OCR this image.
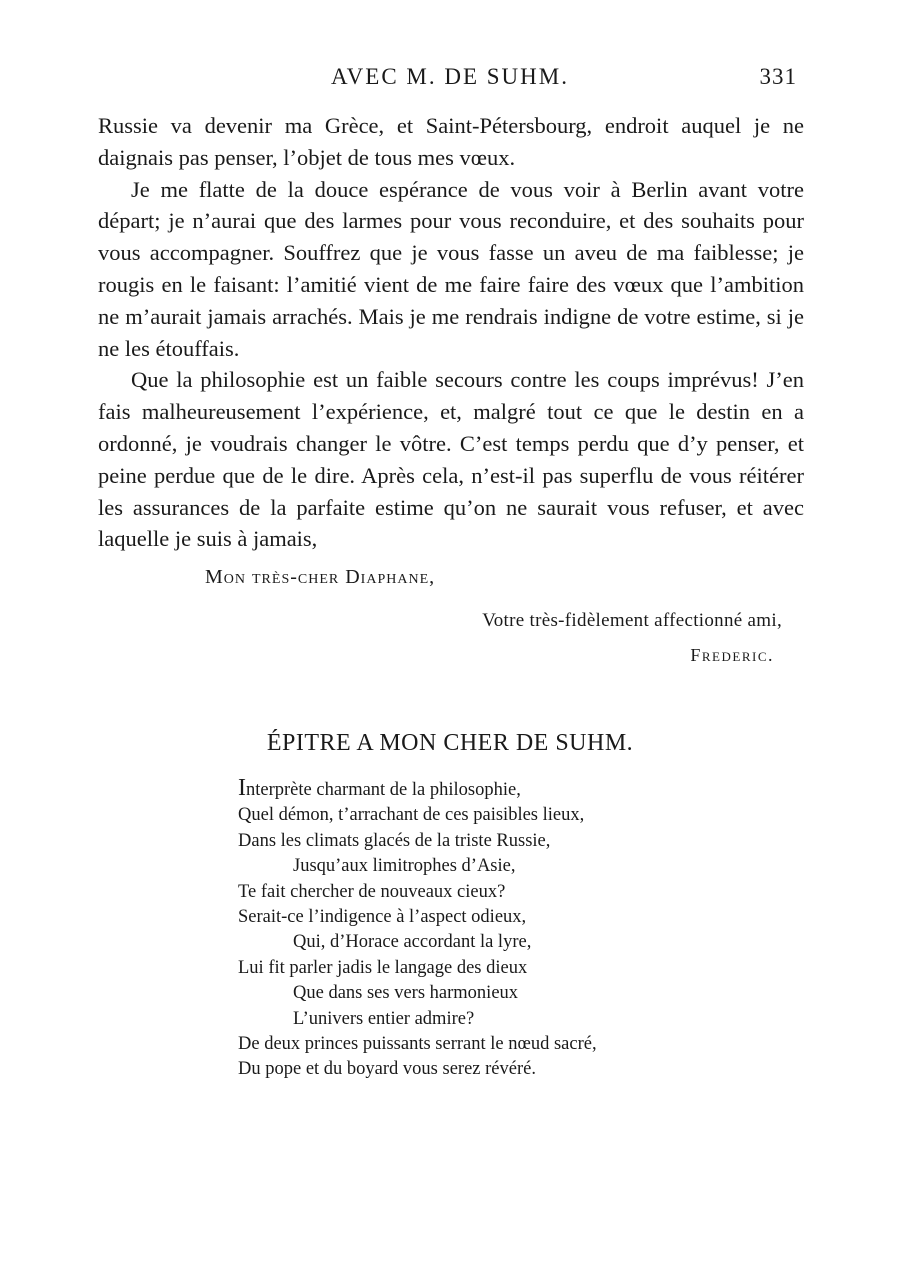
AVEC M. DE SUHM.	331

Russie va devenir ma Grèce, et Saint-Pétersbourg, endroit auquel je ne daignais pas penser, l’objet de tous mes vœux.

Je me flatte de la douce espérance de vous voir à Berlin avant votre départ; je n’aurai que des larmes pour vous reconduire, et des souhaits pour vous accompagner. Souffrez que je vous fasse un aveu de ma faiblesse; je rougis en le faisant: l’amitié vient de me faire faire des vœux que l’ambition ne m’aurait jamais arrachés. Mais je me rendrais indigne de votre estime, si je ne les étouffais.

Que la philosophie est un faible secours contre les coups imprévus! J’en fais malheureusement l’expérience, et, malgré tout ce que le destin en a ordonné, je voudrais changer le vôtre. C’est temps perdu que d’y penser, et peine perdue que de le dire. Après cela, n’est-il pas superflu de vous réitérer les assurances de la parfaite estime qu’on ne saurait vous refuser, et avec laquelle je suis à jamais,

Mon très-cher Diaphane,
Votre très-fidèlement affectionné ami,
Frederic.
ÉPITRE A MON CHER DE SUHM.
Interprète charmant de la philosophie,
Quel démon, t’arrachant de ces paisibles lieux,
Dans les climats glacés de la triste Russie,
Jusqu’aux limitrophes d’Asie,
Te fait chercher de nouveaux cieux?
Serait-ce l’indigence à l’aspect odieux,
Qui, d’Horace accordant la lyre,
Lui fit parler jadis le langage des dieux
Que dans ses vers harmonieux
L’univers entier admire?
De deux princes puissants serrant le nœud sacré,
Du pope et du boyard vous serez révéré.
